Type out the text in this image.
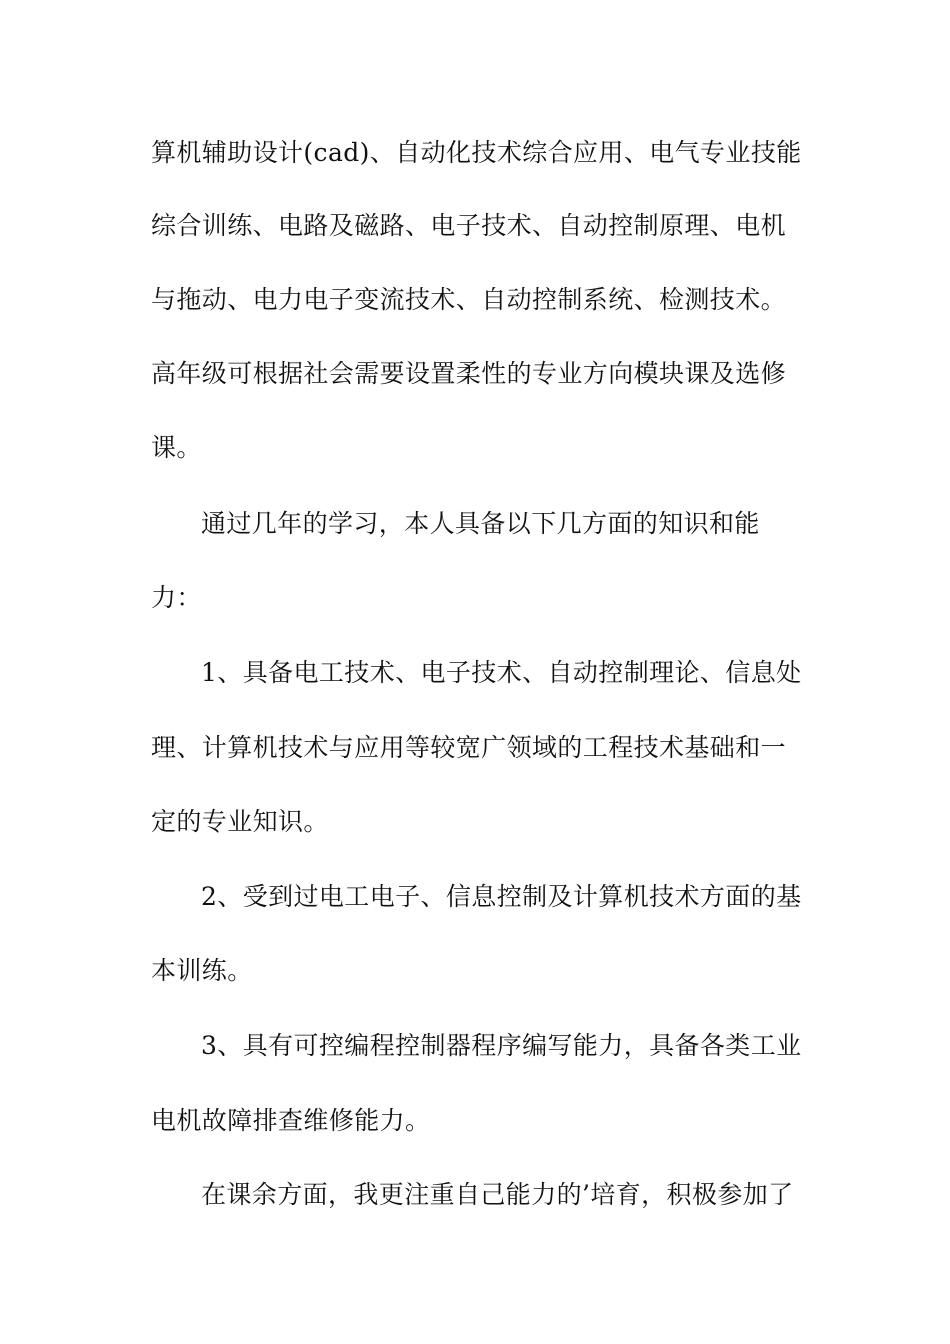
算机辅助设计(cad)、自动化技术综合应用、电气专业技能
综合训练、电路及磁路、电子技术、自动控制原理、电机
与拖动、电力电子变流技术、自动控制系统、检测技术。
高年级可根据社会需要设置柔性的专业方向模块课及选修
课。
通过几年的学习，本人具备以下几方面的知识和能
力：
1、具备电工技术、电子技术、自动控制理论、信息处
理、计算机技术与应用等较宽广领域的工程技术基础和一
定的专业知识。
2、受到过电工电子、信息控制及计算机技术方面的基
本训练。
3、具有可控编程控制器程序编写能力，具备各类工业
电机故障排查维修能力。
在课余方面，我更注重自己能力的’培育，积极参加了
